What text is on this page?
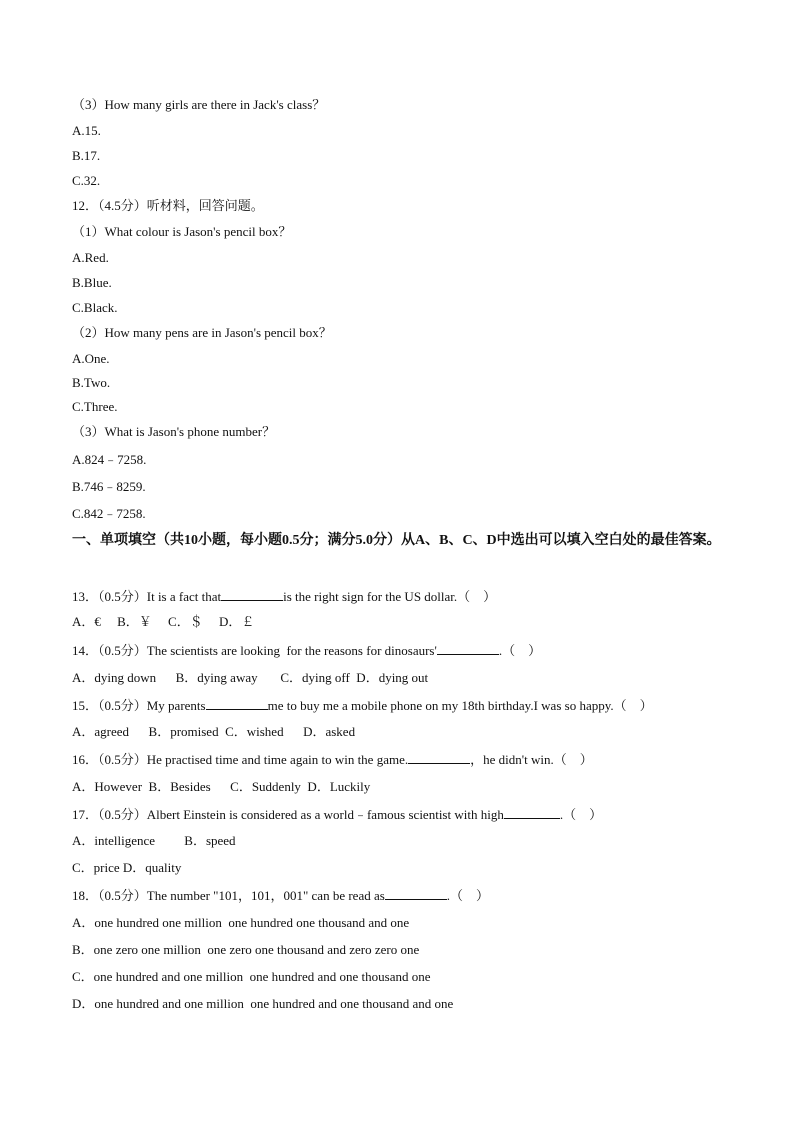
（3）How many girls are there in Jack's class？
A.15.
B.17.
C.32.
12．（4.5分）听材料，回答问题。
（1）What colour is Jason's pencil box？
A.Red.
B.Blue.
C.Black.
（2）How many pens are in Jason's pencil box？
A.One.
B.Two.
C.Three.
（3）What is Jason's phone number？
A.824﹣7258.
B.746﹣8259.
C.842﹣7258.
一、单项填空（共10小题，每小题0.5分；满分5.0分）从A、B、C、D中选出可以填入空白处的最佳答案。
13．（0.5分）It is a fact that	is the right sign for the US dollar.（　）
A．€　 B．￥　 C．＄　 D．￡
14．（0.5分）The scientists are looking  for the reasons for dinosaurs'	.（　）
A．dying down　  B．dying away　   C．dying off  D．dying out
15．（0.5分）My parents	me to buy me a mobile phone on my 18th birthday.I was so happy.（　）
A．agreed　  B．promised  C．wished　  D．asked
16．（0.5分）He practised time and time again to win the game.	，he didn't win.（　）
A．However  B．Besides　  C．Suddenly  D．Luckily
17．（0.5分）Albert Einstein is considered as a world﹣famous scientist with high	.（　）
A．intelligence　     B．speed
C．price D．quality
18．（0.5分）The number "101，101，001" can be read as	.（　）
A．one hundred one million  one hundred one thousand and one
B．one zero one million  one zero one thousand and zero zero one
C．one hundred and one million  one hundred and one thousand one
D．one hundred and one million  one hundred and one thousand and one
